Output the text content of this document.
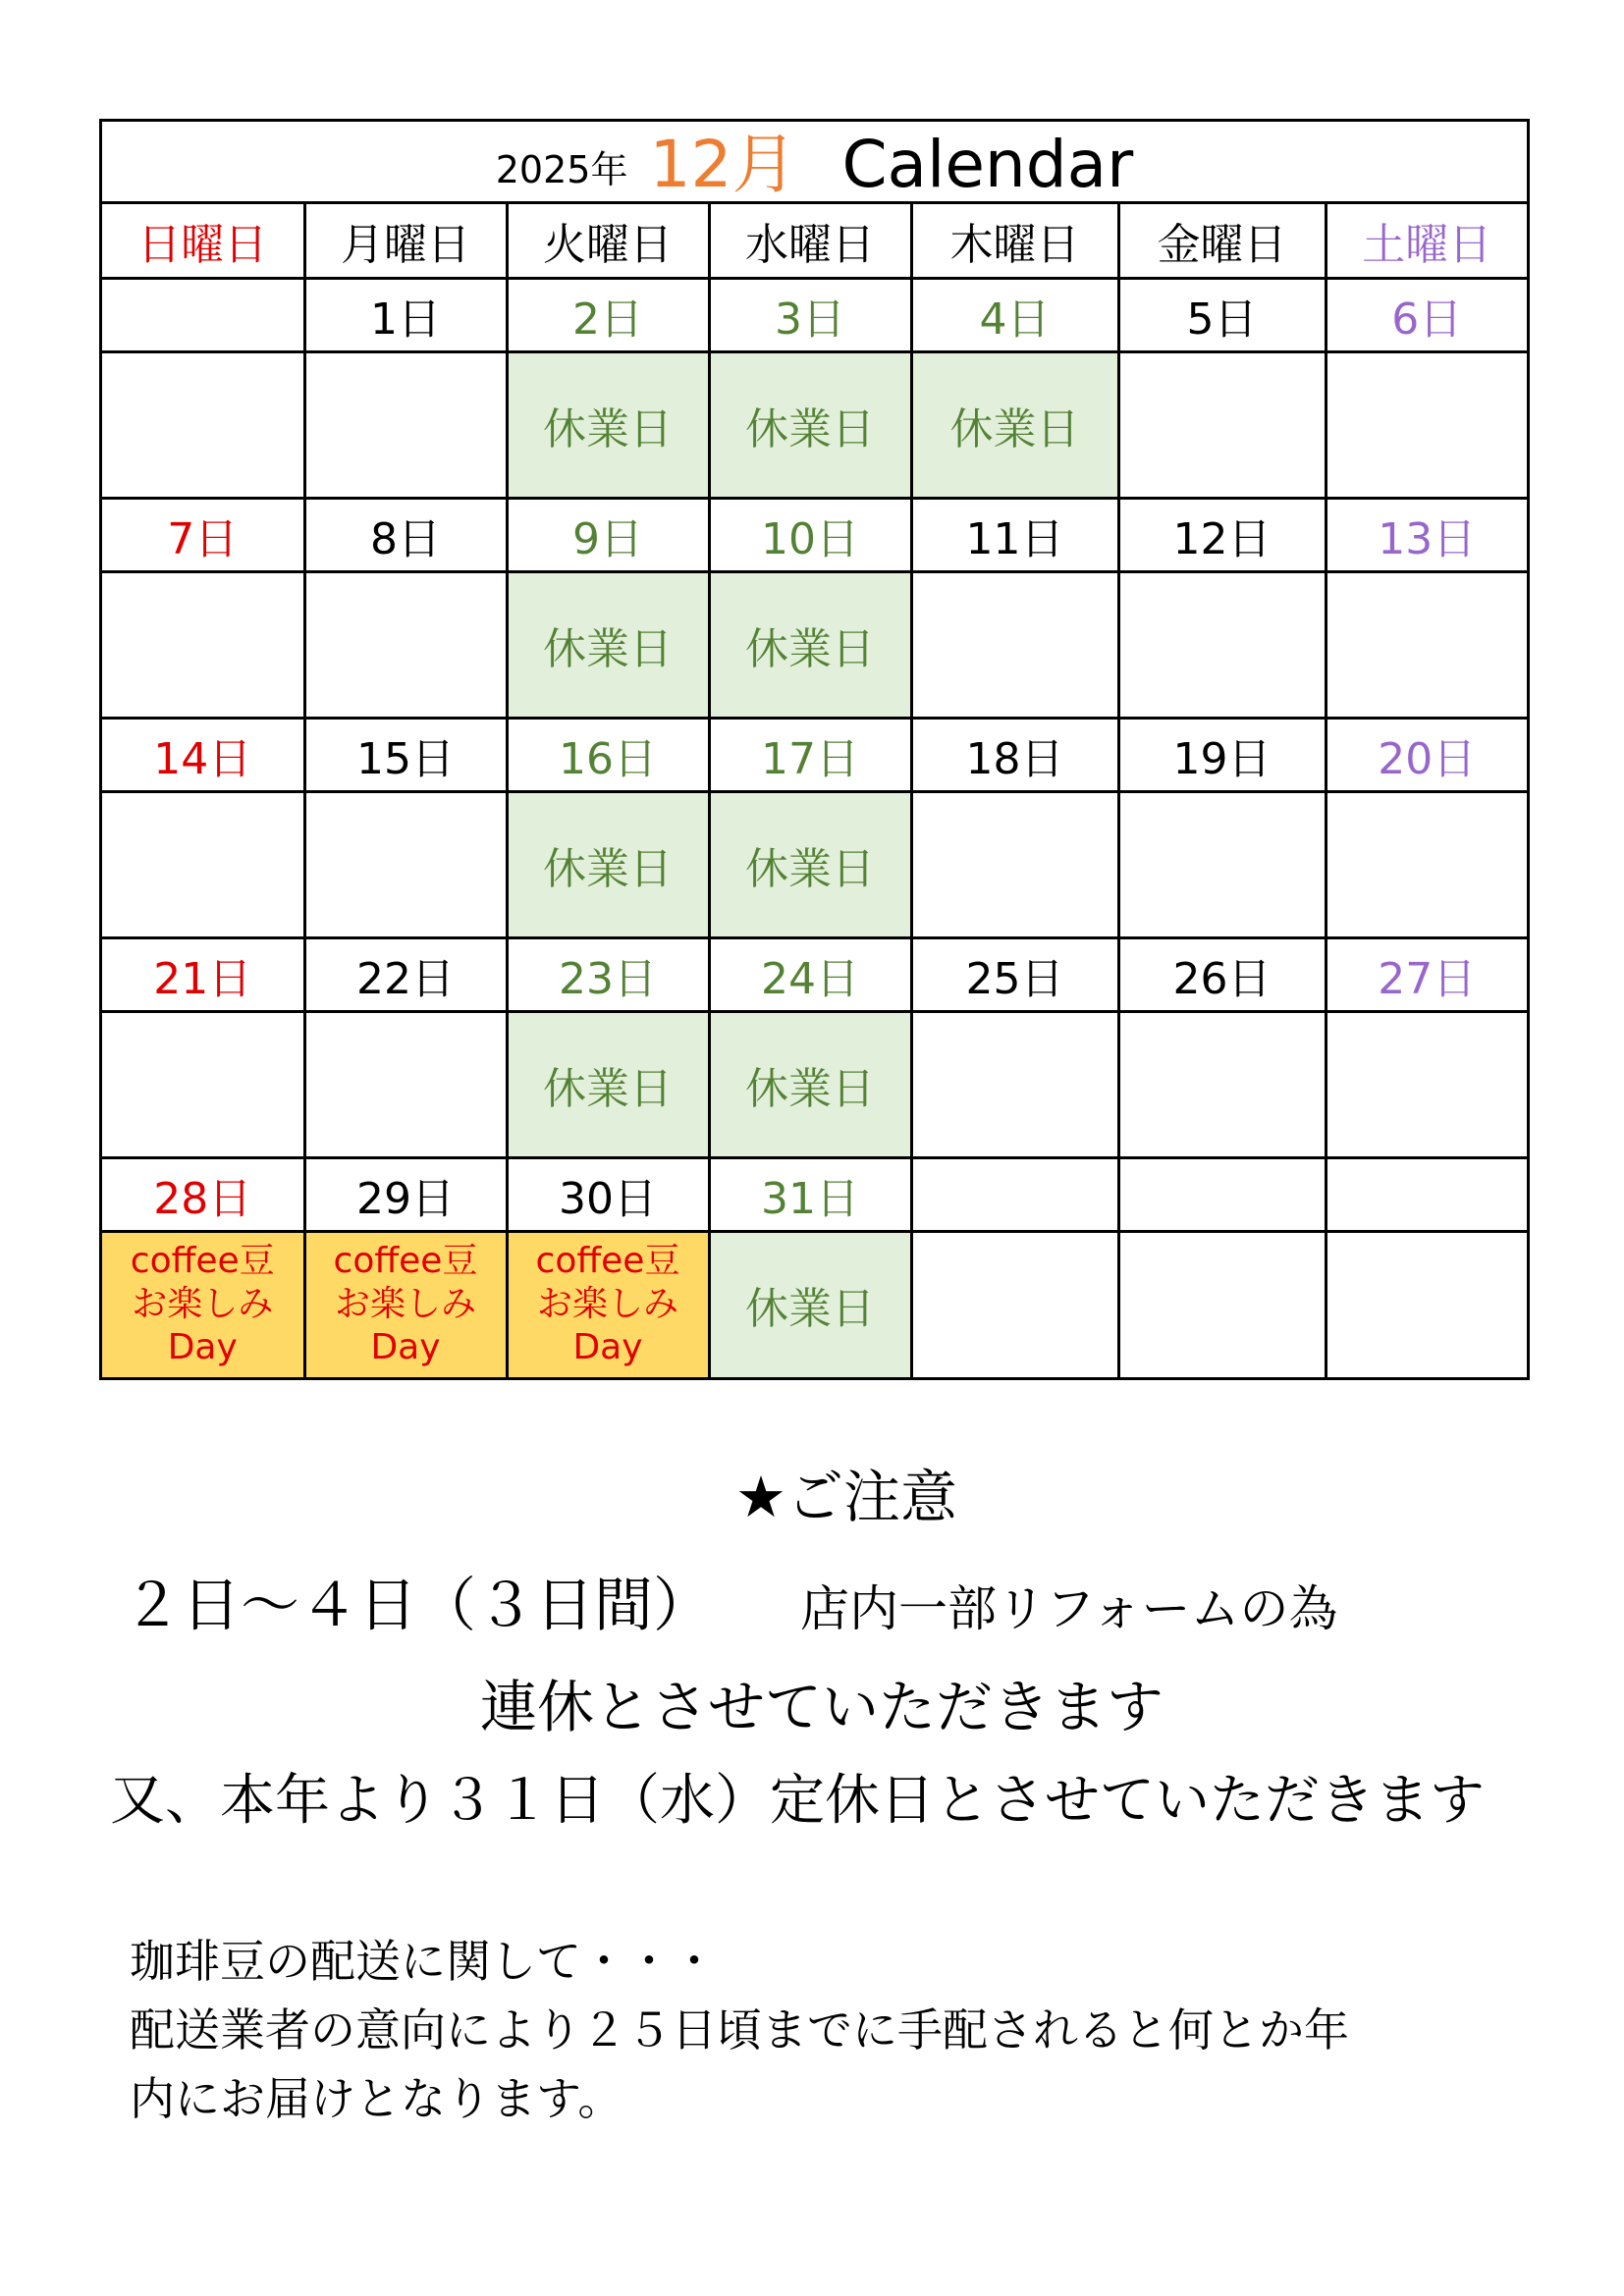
2025年 12月 Calendar
日曜日	月曜日	火曜日	水曜日	木曜日	金曜日	土曜日
	1日	2日	3日	4日	5日	6日
		休業日	休業日	休業日		
7日	8日	9日	10日	11日	12日	13日
		休業日	休業日			
14日	15日	16日	17日	18日	19日	20日
		休業日	休業日			
21日	22日	23日	24日	25日	26日	27日
		休業日	休業日			
28日	29日	30日	31日			
coffee豆
お楽しみ
Day	coffee豆
お楽しみ
Day	coffee豆
お楽しみ
Day	休業日			
★ご注意
２日～４日（３日間） 店内一部リフォームの為
連休とさせていただきます
又、本年より３１日（水）定休日とさせていただきます
珈琲豆の配送に関して・・・
配送業者の意向により２５日頃までに手配されると何とか年
内にお届けとなります。
